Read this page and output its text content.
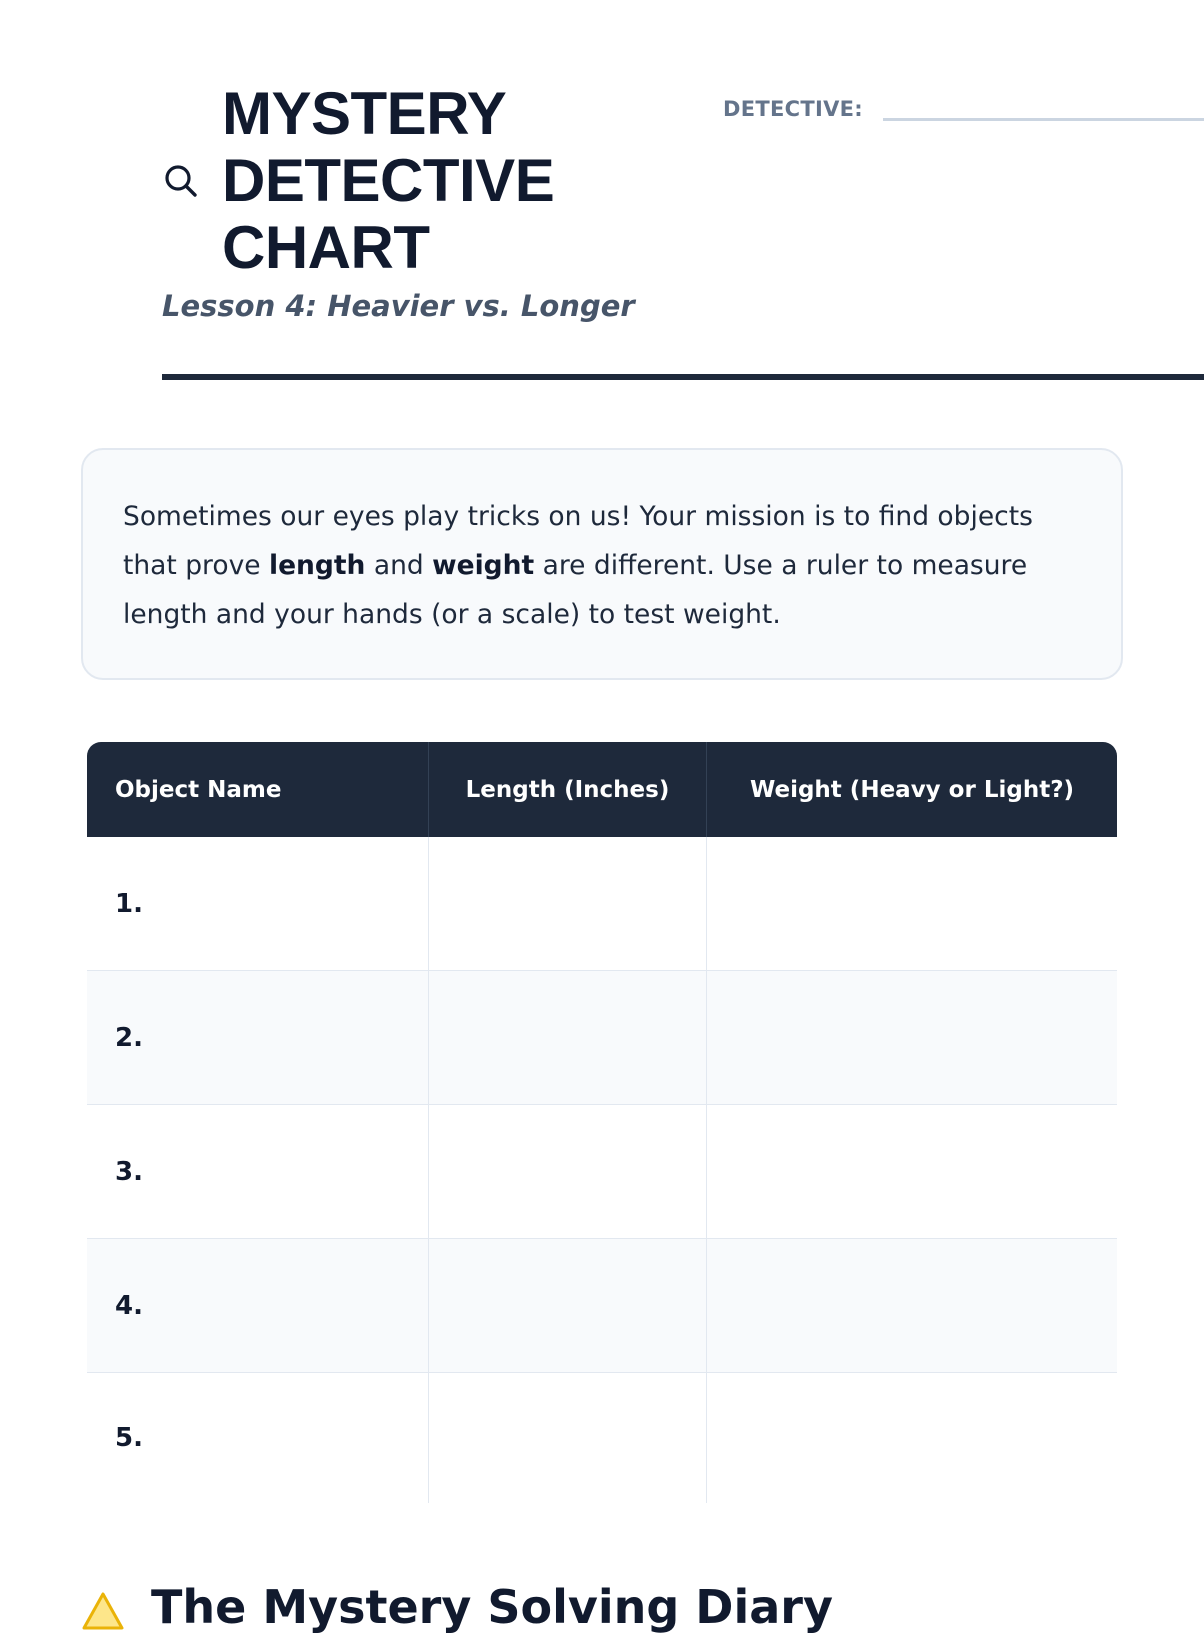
MYSTERY
DETECTIVE
CHART
Lesson 4: Heavier vs. Longer
DETECTIVE:
Sometimes our eyes play tricks on us! Your mission is to find objects that prove length and weight are different. Use a ruler to measure length and your hands (or a scale) to test weight.
Object Name	Length (Inches)	Weight (Heavy or Light?)
1.
2.
3.
4.
5.
The Mystery Solving Diary
